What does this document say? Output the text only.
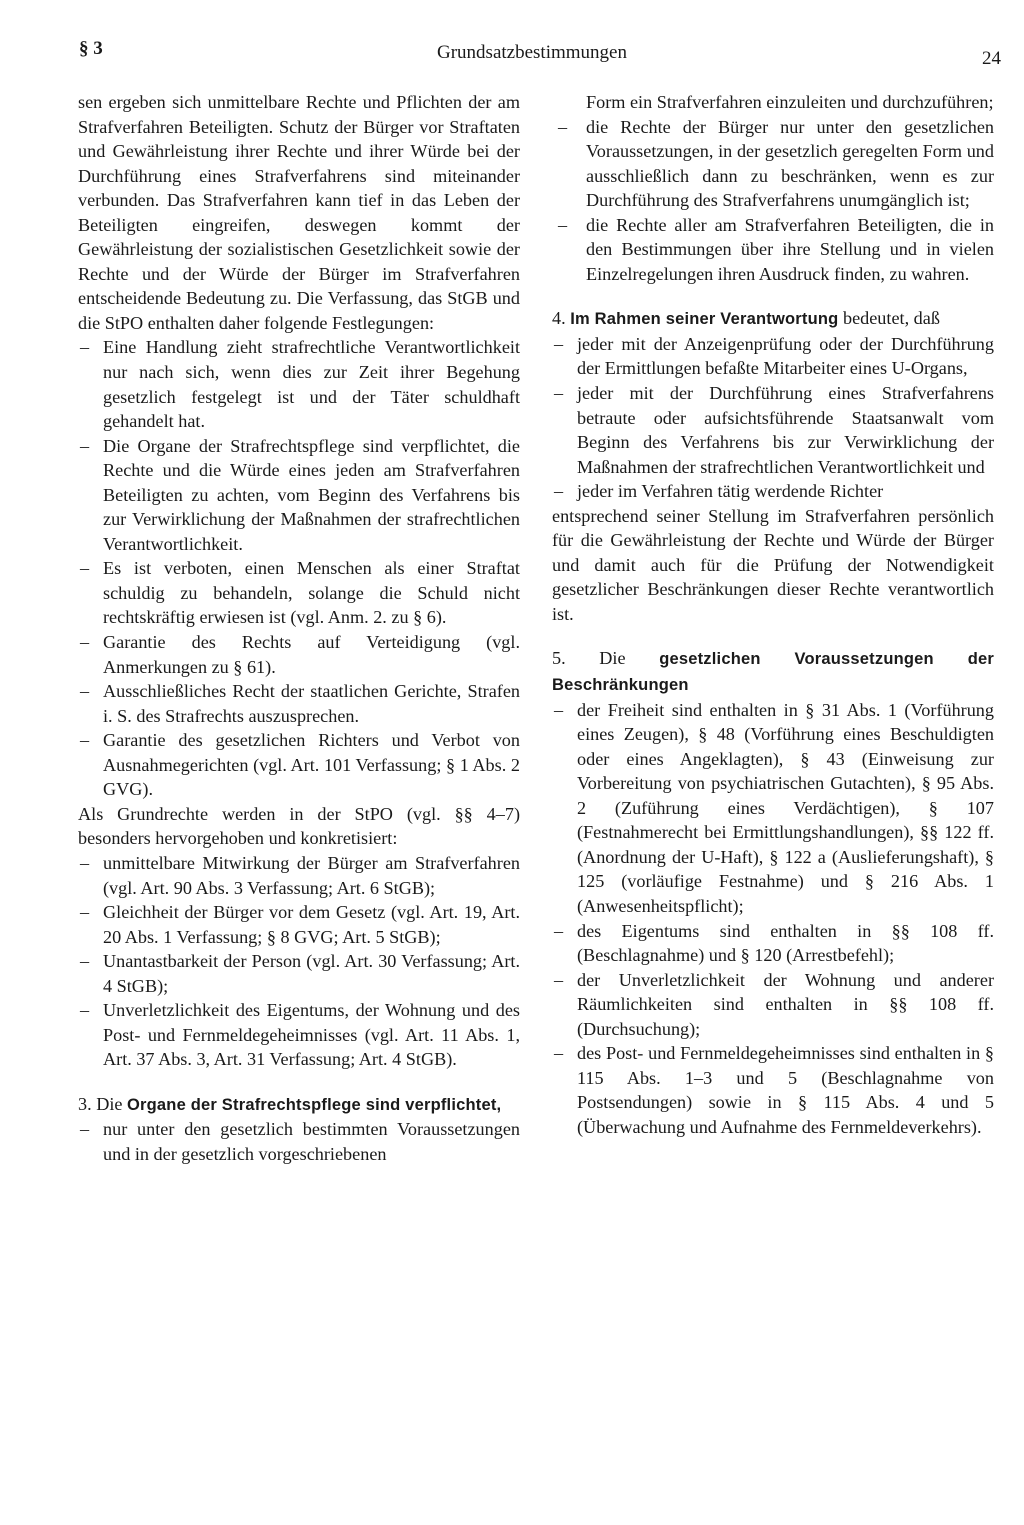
§ 3	Grundsatzbestimmungen	24

sen ergeben sich unmittelbare Rechte und Pflichten der am Strafverfahren Beteiligten. Schutz der Bürger vor Straftaten und Gewährleistung ihrer Rechte und ihrer Würde bei der Durchführung eines Strafverfahrens sind miteinander verbunden. Das Strafverfahren kann tief in das Leben der Beteiligten eingreifen, deswegen kommt der Gewährleistung der sozialistischen Gesetzlichkeit sowie der Rechte und der Würde der Bürger im Strafverfahren entscheidende Bedeutung zu. Die Verfassung, das StGB und die StPO enthalten daher folgende Festlegungen:

– Eine Handlung zieht strafrechtliche Verantwortlichkeit nur nach sich, wenn dies zur Zeit ihrer Begehung gesetzlich festgelegt ist und der Täter schuldhaft gehandelt hat.
– Die Organe der Strafrechtspflege sind verpflichtet, die Rechte und die Würde eines jeden am Strafverfahren Beteiligten zu achten, vom Beginn des Verfahrens bis zur Verwirklichung der Maßnahmen der strafrechtlichen Verantwortlichkeit.
– Es ist verboten, einen Menschen als einer Straftat schuldig zu behandeln, solange die Schuld nicht rechtskräftig erwiesen ist (vgl. Anm. 2. zu § 6).
– Garantie des Rechts auf Verteidigung (vgl. Anmerkungen zu § 61).
– Ausschließliches Recht der staatlichen Gerichte, Strafen i. S. des Strafrechts auszusprechen.
– Garantie des gesetzlichen Richters und Verbot von Ausnahmegerichten (vgl. Art. 101 Verfassung; § 1 Abs. 2 GVG).

Als Grundrechte werden in der StPO (vgl. §§ 4–7) besonders hervorgehoben und konkretisiert:

– unmittelbare Mitwirkung der Bürger am Strafverfahren (vgl. Art. 90 Abs. 3 Verfassung; Art. 6 StGB);
– Gleichheit der Bürger vor dem Gesetz (vgl. Art. 19, Art. 20 Abs. 1 Verfassung; § 8 GVG; Art. 5 StGB);
– Unantastbarkeit der Person (vgl. Art. 30 Verfassung; Art. 4 StGB);
– Unverletzlichkeit des Eigentums, der Wohnung und des Post- und Fernmeldegeheimnisses (vgl. Art. 11 Abs. 1, Art. 37 Abs. 3, Art. 31 Verfassung; Art. 4 StGB).

3. Die Organe der Strafrechtspflege sind verpflichtet,

– nur unter den gesetzlich bestimmten Voraussetzungen und in der gesetzlich vorgeschriebenen

Form ein Strafverfahren einzuleiten und durchzuführen;

– die Rechte der Bürger nur unter den gesetzlichen Voraussetzungen, in der gesetzlich geregelten Form und ausschließlich dann zu beschränken, wenn es zur Durchführung des Strafverfahrens unumgänglich ist;
– die Rechte aller am Strafverfahren Beteiligten, die in den Bestimmungen über ihre Stellung und in vielen Einzelregelungen ihren Ausdruck finden, zu wahren.

4. Im Rahmen seiner Verantwortung bedeutet, daß

– jeder mit der Anzeigenprüfung oder der Durchführung der Ermittlungen befaßte Mitarbeiter eines U-Organs,
– jeder mit der Durchführung eines Strafverfahrens betraute oder aufsichtsführende Staatsanwalt vom Beginn des Verfahrens bis zur Verwirklichung der Maßnahmen der strafrechtlichen Verantwortlichkeit und
– jeder im Verfahren tätig werdende Richter

entsprechend seiner Stellung im Strafverfahren persönlich für die Gewährleistung der Rechte und Würde der Bürger und damit auch für die Prüfung der Notwendigkeit gesetzlicher Beschränkungen dieser Rechte verantwortlich ist.

5. Die gesetzlichen Voraussetzungen der Beschränkungen

– der Freiheit sind enthalten in § 31 Abs. 1 (Vorführung eines Zeugen), § 48 (Vorführung eines Beschuldigten oder eines Angeklagten), § 43 (Einweisung zur Vorbereitung von psychiatrischen Gutachten), § 95 Abs. 2 (Zuführung eines Verdächtigen), § 107 (Festnahmerecht bei Ermittlungshandlungen), §§ 122 ff. (Anordnung der U-Haft), § 122 a (Auslieferungshaft), § 125 (vorläufige Festnahme) und § 216 Abs. 1 (Anwesenheitspflicht);
– des Eigentums sind enthalten in §§ 108 ff. (Beschlagnahme) und § 120 (Arrestbefehl);
– der Unverletzlichkeit der Wohnung und anderer Räumlichkeiten sind enthalten in §§ 108 ff. (Durchsuchung);
– des Post- und Fernmeldegeheimnisses sind enthalten in § 115 Abs. 1–3 und 5 (Beschlagnahme von Postsendungen) sowie in § 115 Abs. 4 und 5 (Überwachung und Aufnahme des Fernmeldeverkehrs).
